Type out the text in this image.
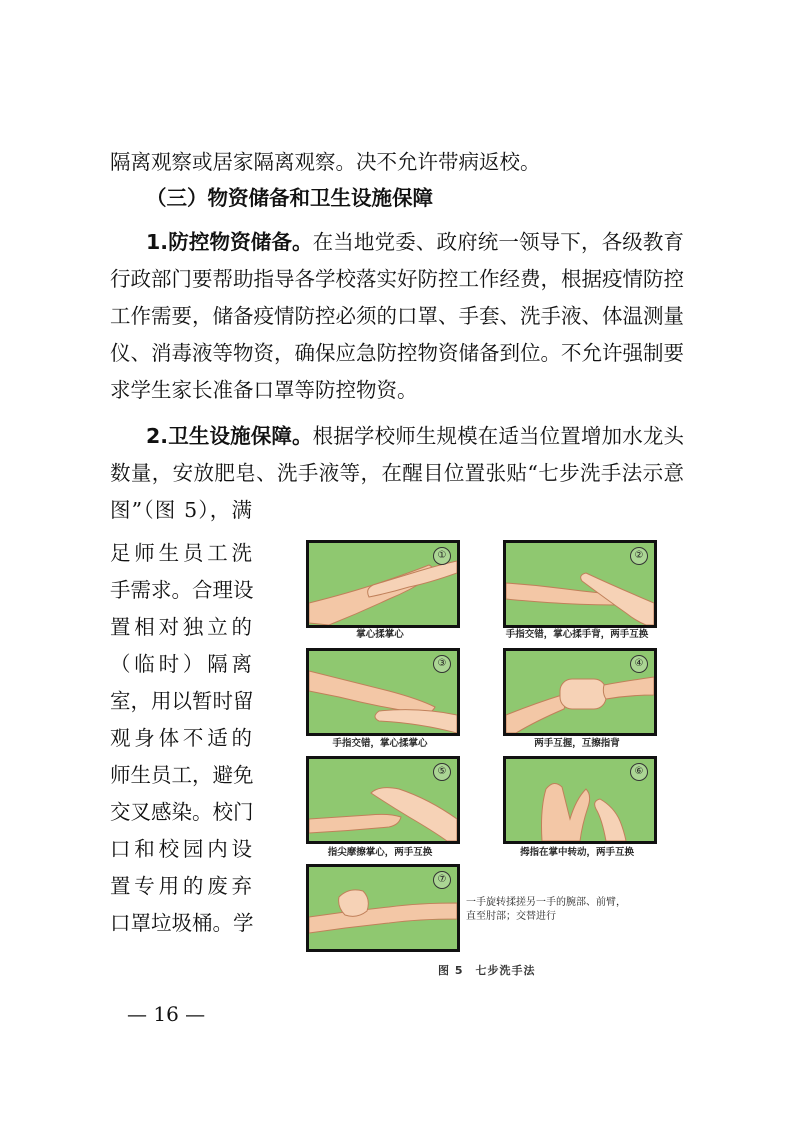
隔离观察或居家隔离观察。决不允许带病返校。
（三）物资储备和卫生设施保障
1.防控物资储备。在当地党委、政府统一领导下，各级教育
行政部门要帮助指导各学校落实好防控工作经费，根据疫情防控
工作需要，储备疫情防控必须的口罩、手套、洗手液、体温测量
仪、消毒液等物资，确保应急防控物资储备到位。不允许强制要
求学生家长准备口罩等防控物资。
2.卫生设施保障。根据学校师生规模在适当位置增加水龙头
数量，安放肥皂、洗手液等，在醒目位置张贴“七步洗手法示意
图”（图 5），满
足师生员工洗
手需求。合理设
置相对独立的
（临时）隔离
室，用以暂时留
观身体不适的
师生员工，避免
交叉感染。校门
口和校园内设
置专用的废弃
口罩垃圾桶。学
①
掌心揉掌心
②
手指交错，掌心揉手背，两手互换
③
手指交错，掌心揉掌心
④
两手互握，互擦指背
⑤
指尖摩擦掌心，两手互换
⑥
拇指在掌中转动，两手互换
⑦
一手旋转揉搓另一手的腕部、前臂，直至肘部；交替进行
图 5　七步洗手法
— 16 —
